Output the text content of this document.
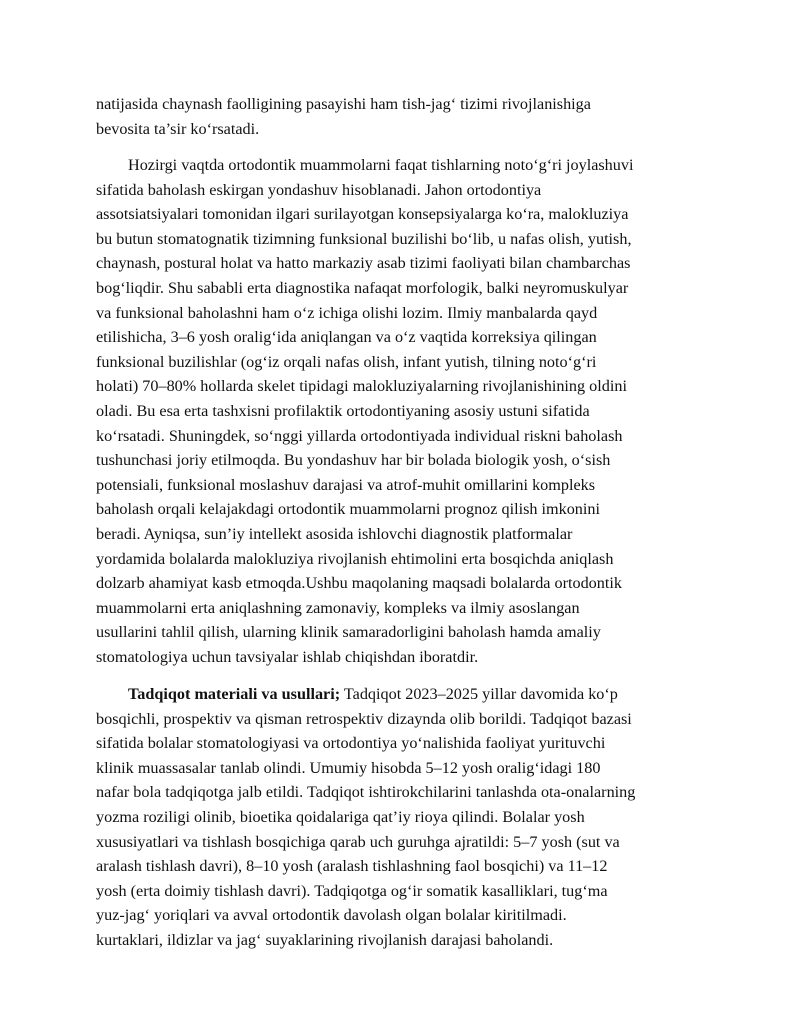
natijasida chaynash faolligining pasayishi ham tish-jag‘ tizimi rivojlanishiga
bevosita ta’sir ko‘rsatadi.
Hozirgi vaqtda ortodontik muammolarni faqat tishlarning noto‘g‘ri joylashuvi
sifatida baholash eskirgan yondashuv hisoblanadi. Jahon ortodontiya
assotsiatsiyalari tomonidan ilgari surilayotgan konsepsiyalarga ko‘ra, malokluziya
bu butun stomatognatik tizimning funksional buzilishi bo‘lib, u nafas olish, yutish,
chaynash, postural holat va hatto markaziy asab tizimi faoliyati bilan chambarchas
bog‘liqdir. Shu sababli erta diagnostika nafaqat morfologik, balki neyromuskulyar
va funksional baholashni ham o‘z ichiga olishi lozim. Ilmiy manbalarda qayd
etilishicha, 3–6 yosh oralig‘ida aniqlangan va o‘z vaqtida korreksiya qilingan
funksional buzilishlar (og‘iz orqali nafas olish, infant yutish, tilning noto‘g‘ri
holati) 70–80% hollarda skelet tipidagi malokluziyalarning rivojlanishining oldini
oladi. Bu esa erta tashxisni profilaktik ortodontiyaning asosiy ustuni sifatida
ko‘rsatadi. Shuningdek, so‘nggi yillarda ortodontiyada individual riskni baholash
tushunchasi joriy etilmoqda. Bu yondashuv har bir bolada biologik yosh, o‘sish
potensiali, funksional moslashuv darajasi va atrof-muhit omillarini kompleks
baholash orqali kelajakdagi ortodontik muammolarni prognoz qilish imkonini
beradi. Ayniqsa, sun’iy intellekt asosida ishlovchi diagnostik platformalar
yordamida bolalarda malokluziya rivojlanish ehtimolini erta bosqichda aniqlash
dolzarb ahamiyat kasb etmoqda.Ushbu maqolaning maqsadi bolalarda ortodontik
muammolarni erta aniqlashning zamonaviy, kompleks va ilmiy asoslangan
usullarini tahlil qilish, ularning klinik samaradorligini baholash hamda amaliy
stomatologiya uchun tavsiyalar ishlab chiqishdan iboratdir.
Tadqiqot materiali va usullari; Tadqiqot 2023–2025 yillar davomida ko‘p
bosqichli, prospektiv va qisman retrospektiv dizaynda olib borildi. Tadqiqot bazasi
sifatida bolalar stomatologiyasi va ortodontiya yo‘nalishida faoliyat yurituvchi
klinik muassasalar tanlab olindi. Umumiy hisobda 5–12 yosh oralig‘idagi 180
nafar bola tadqiqotga jalb etildi. Tadqiqot ishtirokchilarini tanlashda ota-onalarning
yozma roziligi olinib, bioetika qoidalariga qat’iy rioya qilindi. Bolalar yosh
xususiyatlari va tishlash bosqichiga qarab uch guruhga ajratildi: 5–7 yosh (sut va
aralash tishlash davri), 8–10 yosh (aralash tishlashning faol bosqichi) va 11–12
yosh (erta doimiy tishlash davri). Tadqiqotga og‘ir somatik kasalliklari, tug‘ma
yuz-jag‘ yoriqlari va avval ortodontik davolash olgan bolalar kiritilmadi.
kurtaklari, ildizlar va jag‘ suyaklarining rivojlanish darajasi baholandi.
